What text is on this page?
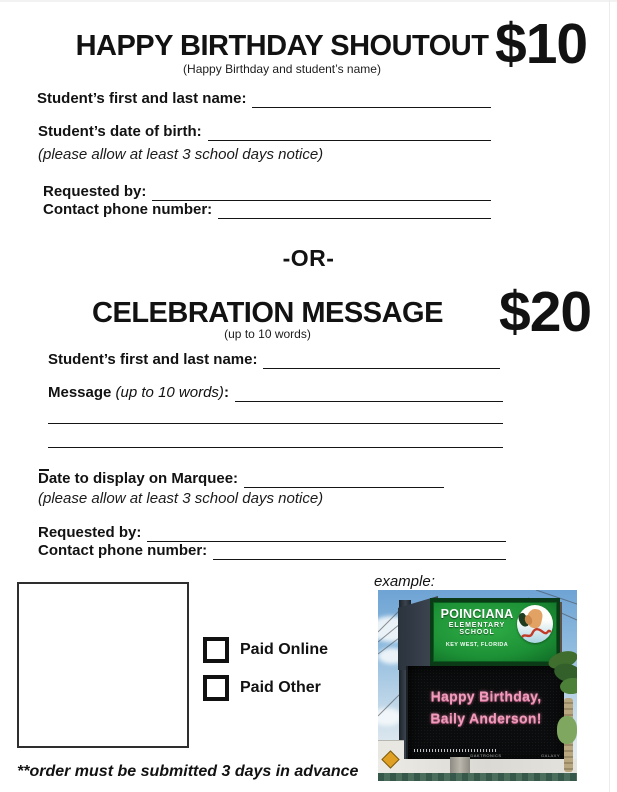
HAPPY BIRTHDAY SHOUTOUT $10
(Happy Birthday and student’s name)
Student’s first and last name:
Student’s date of birth:
(please allow at least 3 school days notice)
Requested by:
Contact phone number:
-OR-
CELEBRATION MESSAGE $20
(up to 10 words)
Student’s first and last name:
Message (up to 10 words) :
Date to display on Marquee:
(please allow at least 3 school days notice)
Requested by:
Contact phone number:
Paid Online
Paid Other
**order must be submitted 3 days in advance
example:
POINCIANA
ELEMENTARY SCHOOL
KEY WEST, FLORIDA
Happy Birthday,
Baily Anderson!
DAKTRONICS	GALAXY
